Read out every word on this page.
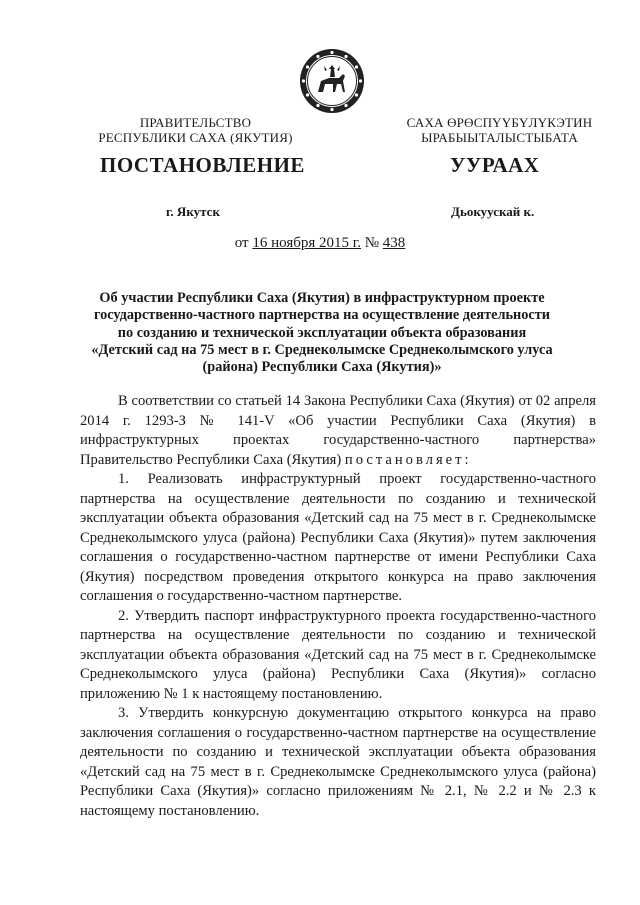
ПРАВИТЕЛЬСТВО
РЕСПУБЛИКИ САХА (ЯКУТИЯ)
САХА ӨРӨСПҮҮБҮЛҮКЭТИН
ЫРАБЫЫТАЛЫСТЫБАТА
ПОСТАНОВЛЕНИЕ	УУРААХ
г. Якутск	Дьокуускай к.
от 16 ноября 2015 г. № 438
Об участии Республики Саха (Якутия) в инфраструктурном проекте
государственно-частного партнерства на осуществление деятельности
по созданию и технической эксплуатации объекта образования
«Детский сад на 75 мест в г. Среднеколымске Среднеколымского улуса
(района) Республики Саха (Якутия)»

В соответствии со статьей 14 Закона Республики Саха (Якутия) от 02 апреля 2014 г. 1293-З № 141-V «Об участии Республики Саха (Якутия) в инфраструктурных проектах государственно-частного партнерства» Правительство Республики Саха (Якутия) постановляет:

1. Реализовать инфраструктурный проект государственно-частного партнерства на осуществление деятельности по созданию и технической эксплуатации объекта образования «Детский сад на 75 мест в г. Среднеколымске Среднеколымского улуса (района) Республики Саха (Якутия)» путем заключения соглашения о государственно-частном партнерстве от имени Республики Саха (Якутия) посредством проведения открытого конкурса на право заключения соглашения о государственно-частном партнерстве.

2. Утвердить паспорт инфраструктурного проекта государственно-частного партнерства на осуществление деятельности по созданию и технической эксплуатации объекта образования «Детский сад на 75 мест в г. Среднеколымске Среднеколымского улуса (района) Республики Саха (Якутия)» согласно приложению № 1 к настоящему постановлению.

3. Утвердить конкурсную документацию открытого конкурса на право заключения соглашения о государственно-частном партнерстве на осуществление деятельности по созданию и технической эксплуатации объекта образования «Детский сад на 75 мест в г. Среднеколымске Среднеколымского улуса (района) Республики Саха (Якутия)» согласно приложениям № 2.1, № 2.2 и № 2.3 к настоящему постановлению.
